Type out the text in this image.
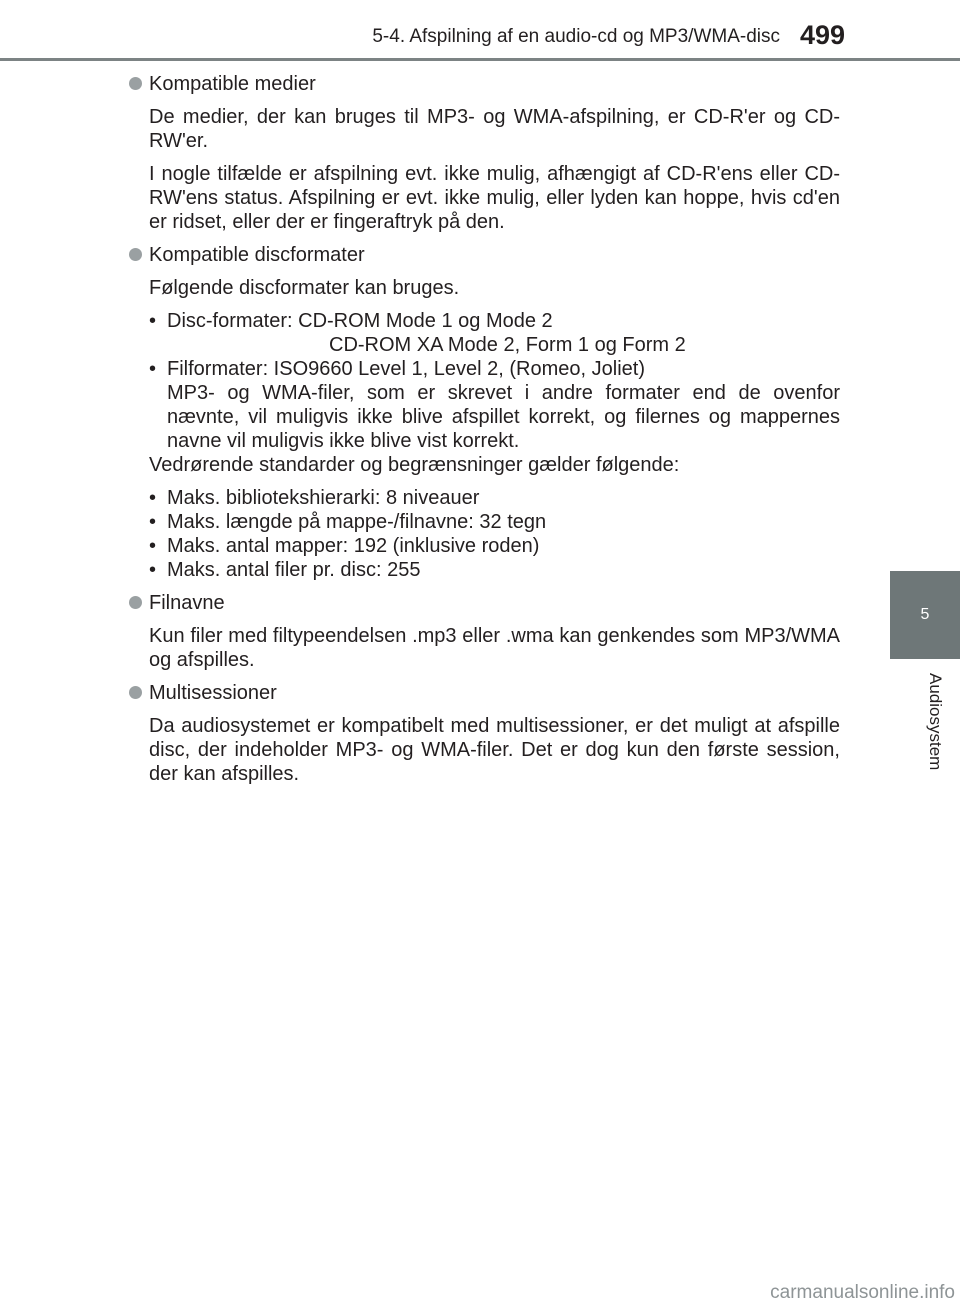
5-4. Afspilning af en audio-cd og MP3/WMA-disc 499
5
Audiosystem
Kompatible medier

De medier, der kan bruges til MP3- og WMA-afspilning, er CD-R'er og CD-RW'er.

I nogle tilfælde er afspilning evt. ikke mulig, afhængigt af CD-R'ens eller CD-RW'ens status. Afspilning er evt. ikke mulig, eller lyden kan hoppe, hvis cd'en er ridset, eller der er fingeraftryk på den.

Kompatible discformater

Følgende discformater kan bruges.

• Disc-formater: CD-ROM Mode 1 og Mode 2
CD-ROM XA Mode 2, Form 1 og Form 2
• Filformater: ISO9660 Level 1, Level 2, (Romeo, Joliet)
MP3- og WMA-filer, som er skrevet i andre formater end de ovenfor nævnte, vil muligvis ikke blive afspillet korrekt, og filernes og mappernes navne vil muligvis ikke blive vist korrekt.

Vedrørende standarder og begrænsninger gælder følgende:

• Maks. bibliotekshierarki: 8 niveauer
• Maks. længde på mappe-/filnavne: 32 tegn
• Maks. antal mapper: 192 (inklusive roden)
• Maks. antal filer pr. disc: 255
Filnavne

Kun filer med filtypeendelsen .mp3 eller .wma kan genkendes som MP3/WMA og afspilles.

Multisessioner

Da audiosystemet er kompatibelt med multisessioner, er det muligt at afspille disc, der indeholder MP3- og WMA-filer. Det er dog kun den første session, der kan afspilles.

carmanualsonline.info
